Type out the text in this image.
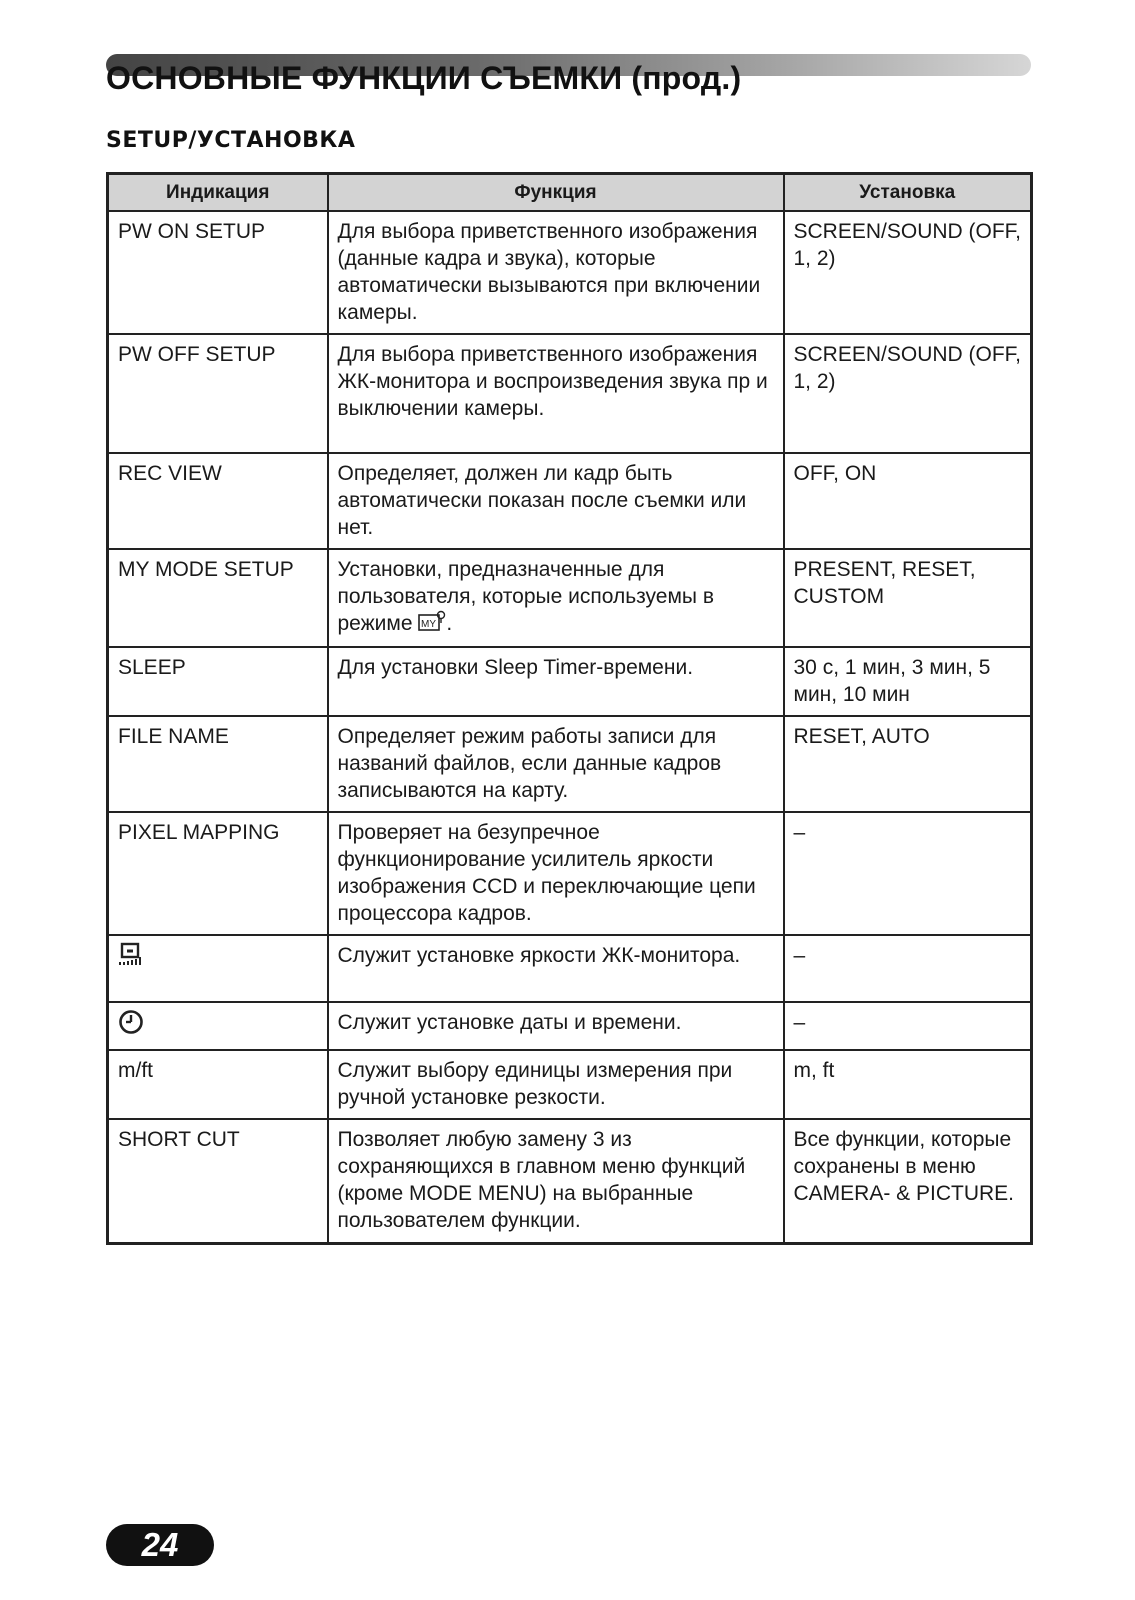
ОСНОВНЫЕ ФУНКЦИИ СЪЕМКИ (прод.)
SETUP/УСТАНОВКА
Индикация	Функция	Установка
PW ON SETUP	Для выбора приветственного изображения (данные кадра и звука), которые автоматически вызываются при включении камеры.	SCREEN/SOUND (OFF, 1, 2)
PW OFF SETUP	Для выбора приветственного изображения ЖК-монитора и воспроизведения звука пр и выключении камеры.	SCREEN/SOUND (OFF, 1, 2)
REC VIEW	Определяет, должен ли кадр быть автоматически показан после съемки или нет.	OFF, ON
MY MODE SETUP	Установки, предназначенные для пользователя, которые используемы в режиме MY .	PRESENT, RESET, CUSTOM
SLEEP	Для установки Sleep Timer-времени.	30 с, 1 мин, 3 мин, 5 мин, 10 мин
FILE NAME	Определяет режим работы записи для названий файлов, если данные кадров записываются на карту.	RESET, AUTO
PIXEL MAPPING	Проверяет на безупречное функционирование усилитель яркости изображения CCD и переключающие цепи процессора кадров.	–
	Служит установке яркости ЖК-монитора.	–
	Служит установке даты и времени.	–
m/ft	Служит выбору единицы измерения при ручной установке резкости.	m, ft
SHORT CUT	Позволяет любую замену 3 из сохраняющихся в главном меню функций (кроме MODE MENU) на выбранные пользователем функции.	Все функции, которые сохранены в меню CAMERA- & PICTURE.
24
